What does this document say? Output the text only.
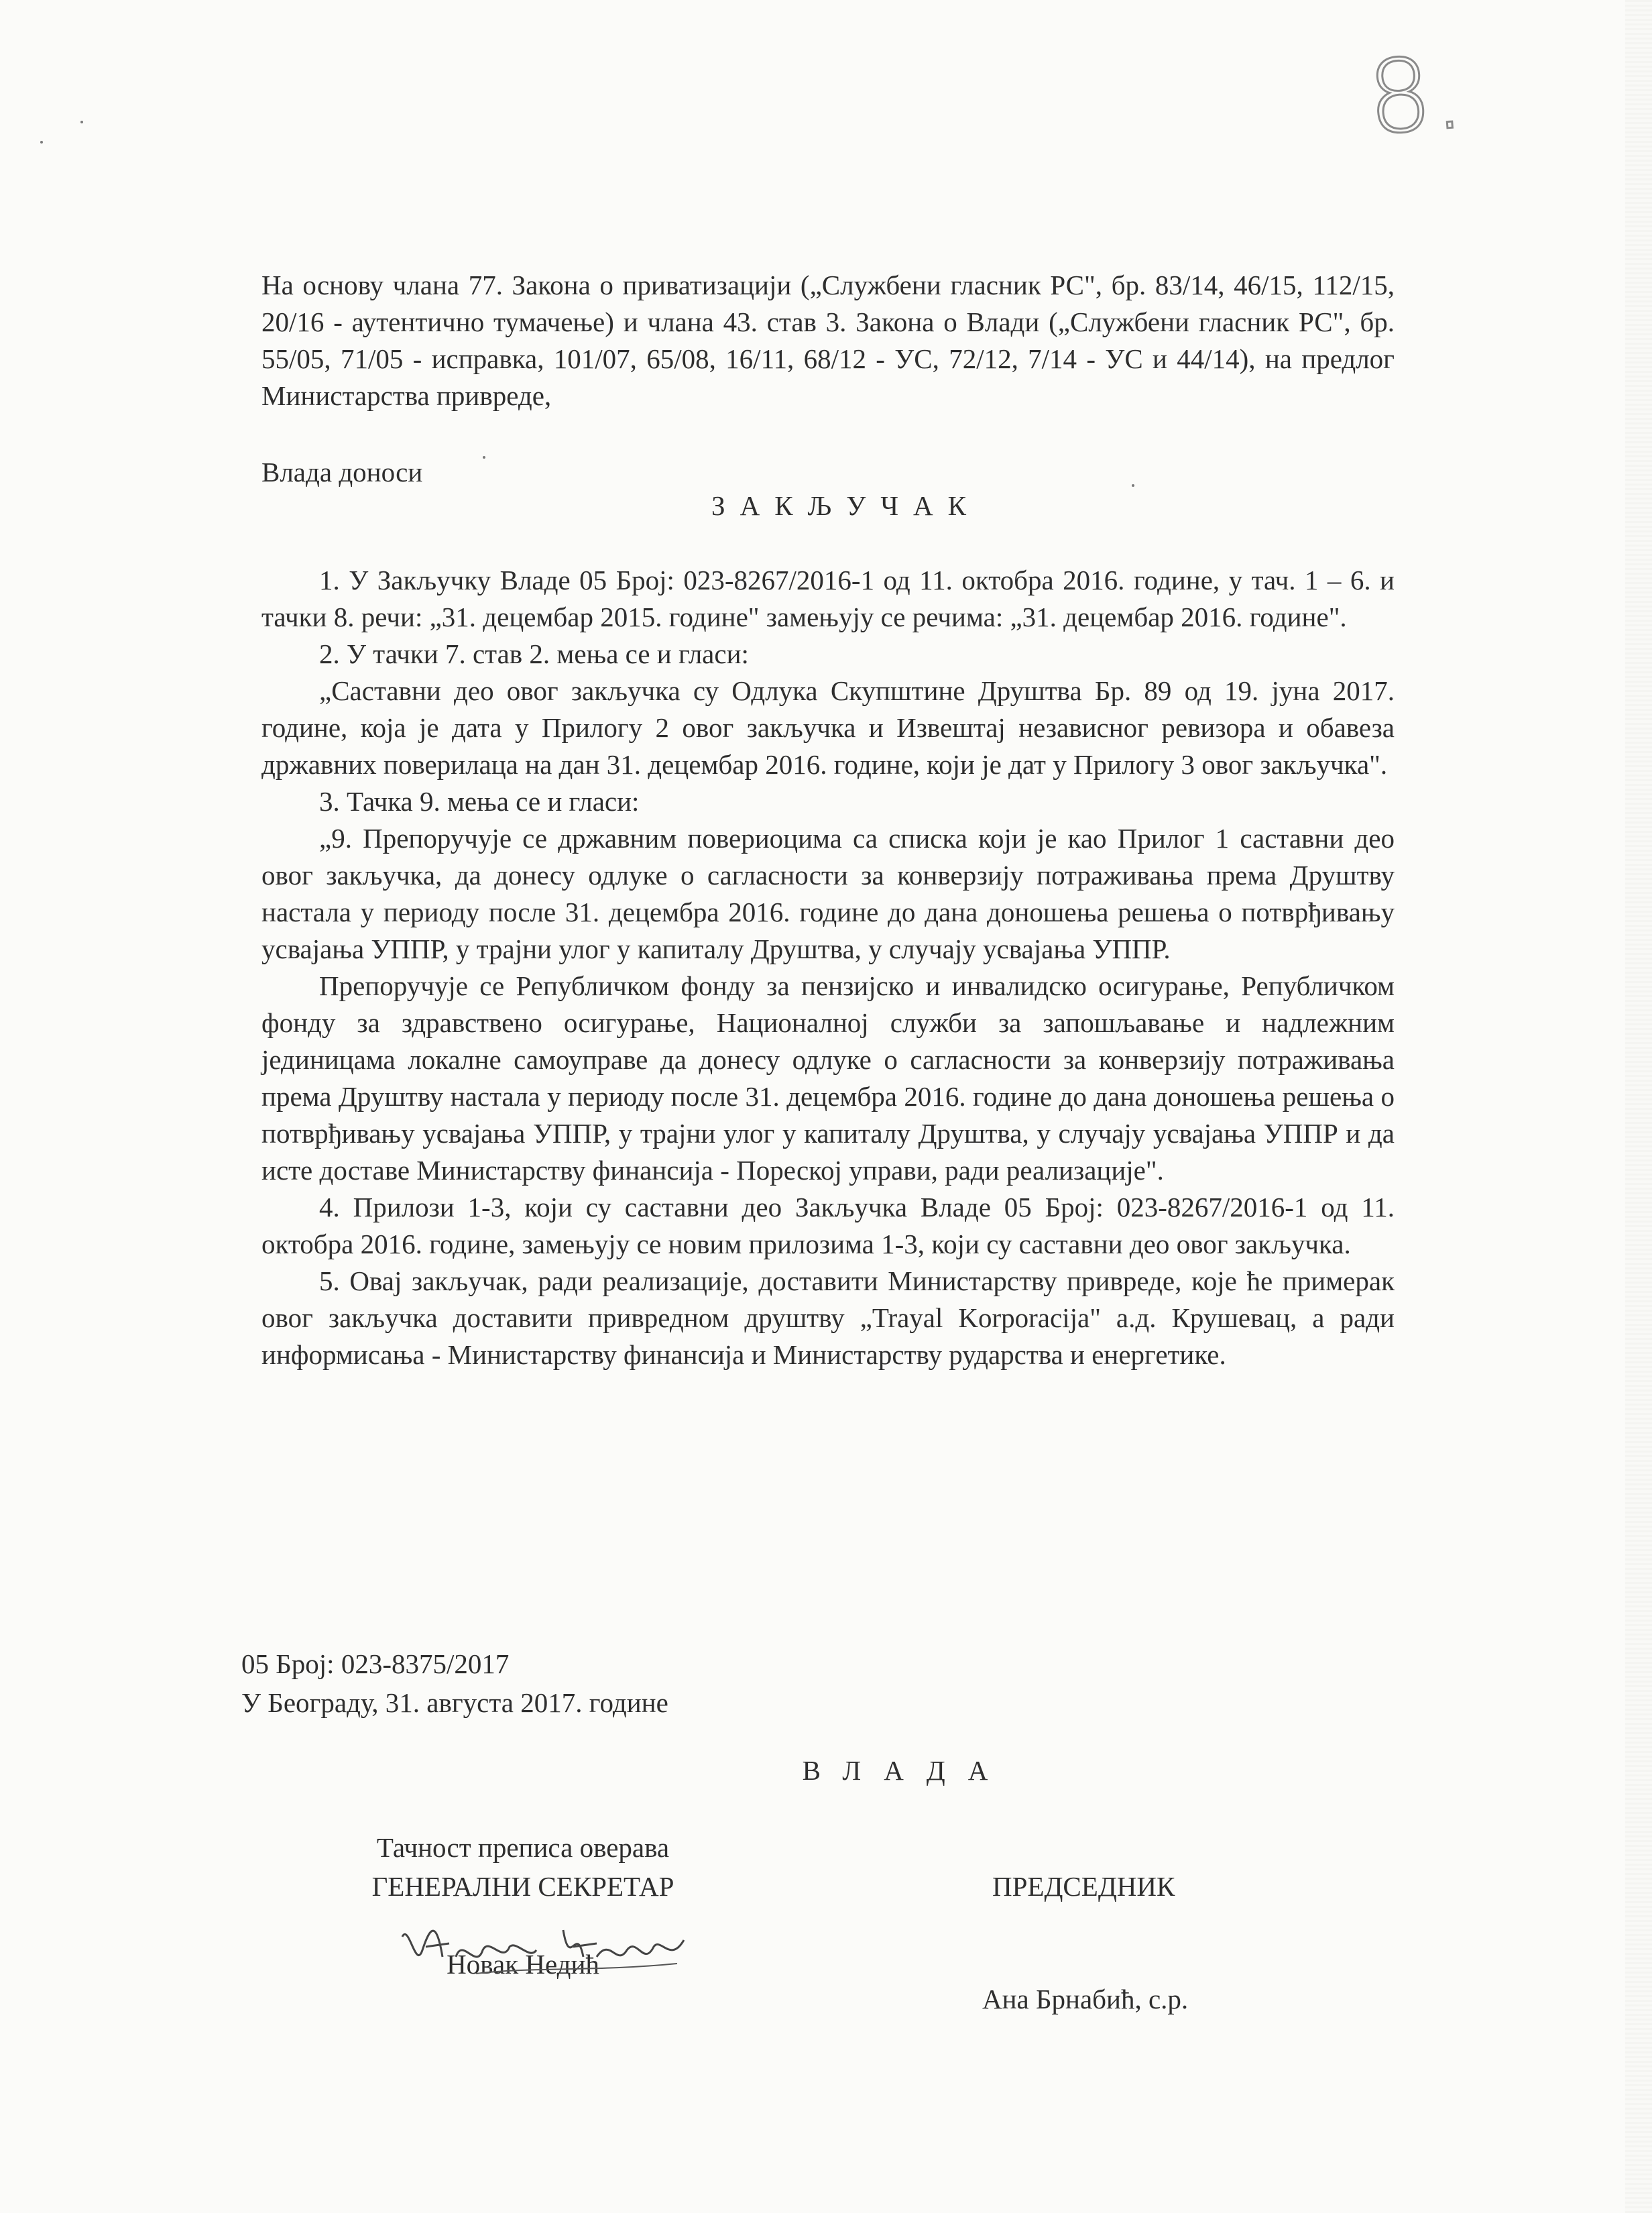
8.

На основу члана 77. Закона о приватизацији („Службени гласник РС", бр. 83/14, 46/15, 112/15, 20/16 - аутентично тумачење) и члана 43. став 3. Закона о Влади („Службени гласник РС", бр. 55/05, 71/05 - исправка, 101/07, 65/08, 16/11, 68/12 - УС, 72/12, 7/14 - УС и 44/14), на предлог Министарства привреде,

Влада доноси
ЗАКЉУЧАК

1. У Закључку Владе 05 Број: 023-8267/2016-1 од 11. октобра 2016. године, у тач. 1 – 6. и тачки 8. речи: „31. децембар 2015. године" замењују се речима: „31. децембар 2016. године".

2. У тачки 7. став 2. мења се и гласи:

„Саставни део овог закључка су Одлука Скупштине Друштва Бр. 89 од 19. јуна 2017. године, која је дата у Прилогу 2 овог закључка и Извештај независног ревизора и обавеза државних поверилаца на дан 31. децембар 2016. године, који је дат у Прилогу 3 овог закључка".

3. Тачка 9. мења се и гласи:

„9. Препоручује се државним повериоцима са списка који је као Прилог 1 саставни део овог закључка, да донесу одлуке о сагласности за конверзију потраживања према Друштву настала у периоду после 31. децембра 2016. године до дана доношења решења о потврђивању усвајања УППР, у трајни улог у капиталу Друштва, у случају усвајања УППР.

Препоручује се Републичком фонду за пензијско и инвалидско осигурање, Републичком фонду за здравствено осигурање, Националној служби за запошљавање и надлежним јединицама локалне самоуправе да донесу одлуке о сагласности за конверзију потраживања према Друштву настала у периоду после 31. децембра 2016. године до дана доношења решења о потврђивању усвајања УППР, у трајни улог у капиталу Друштва, у случају усвајања УППР и да исте доставе Министарству финансија - Пореској управи, ради реализације".

4. Прилози 1-3, који су саставни део Закључка Владе 05 Број: 023-8267/2016-1 од 11. октобра 2016. године, замењују се новим прилозима 1-3, који су саставни део овог закључка.

5. Овај закључак, ради реализације, доставити Министарству привреде, које ће примерак овог закључка доставити привредном друштву „Trayal Korporacija" а.д. Крушевац, а ради информисања - Министарству финансија и Министарству рударства и енергетике.

05 Број: 023-8375/2017
У Београду, 31. августа 2017. године
ВЛАДА
Тачност преписа оверава
ГЕНЕРАЛНИ СЕКРЕТАР
Новак Недић
ПРЕДСЕДНИК
Ана Брнабић, с.р.
